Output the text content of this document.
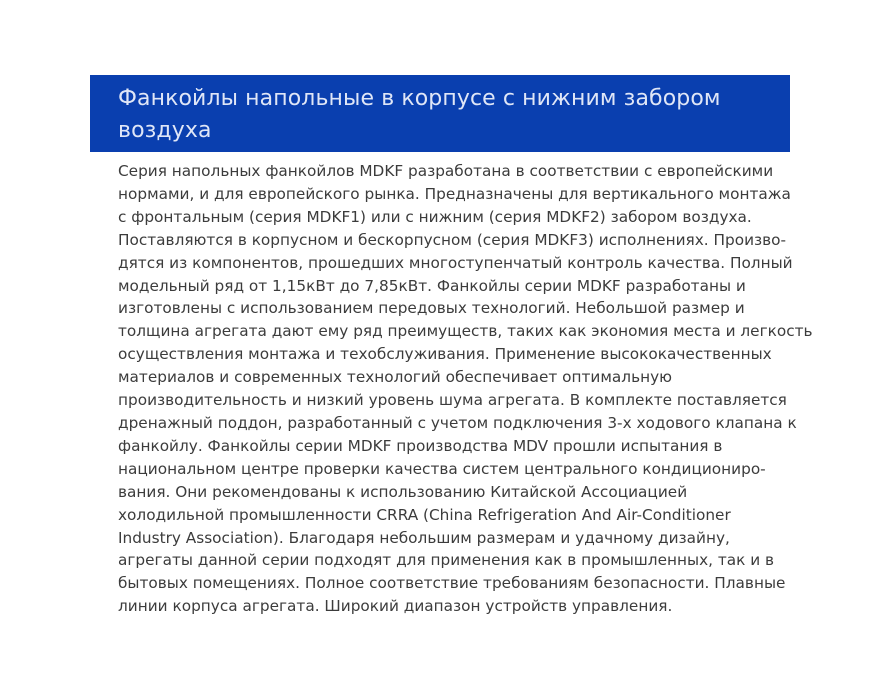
Фанкойлы напольные в корпусе с нижним забором
воздуха

Серия напольных фанкойлов MDKF разработана в соответствии с европейскими
нормами, и для европейского рынка. Предназначены для вертикального монтажа
с фронтальным (серия MDKF1) или с нижним (серия MDKF2) забором воздуха.
Поставляются в корпусном и бескорпусном (серия MDKF3) исполнениях. Произво-
дятся из компонентов, прошедших многоступенчатый контроль качества. Полный
модельный ряд от 1,15кВт до 7,85кВт. Фанкойлы серии MDKF разработаны и
изготовлены с использованием передовых технологий. Небольшой размер и
толщина агрегата дают ему ряд преимуществ, таких как экономия места и легкость
осуществления монтажа и техобслуживания. Применение высококачественных
материалов и современных технологий обеспечивает оптимальную
производительность и низкий уровень шума агрегата. В комплекте поставляется
дренажный поддон, разработанный с учетом подключения 3-х ходового клапана к
фанкойлу. Фанкойлы серии MDKF производства MDV прошли испытания в
национальном центре проверки качества систем центрального кондициониро-
вания. Они рекомендованы к использованию Китайской Ассоциацией
холодильной промышленности CRRA (China Refrigeration And Air-Conditioner
Industry Association). Благодаря небольшим размерам и удачному дизайну,
агрегаты данной серии подходят для применения как в промышленных, так и в
бытовых помещениях. Полное соответствие требованиям безопасности. Плавные
линии корпуса агрегата. Широкий диапазон устройств управления.
